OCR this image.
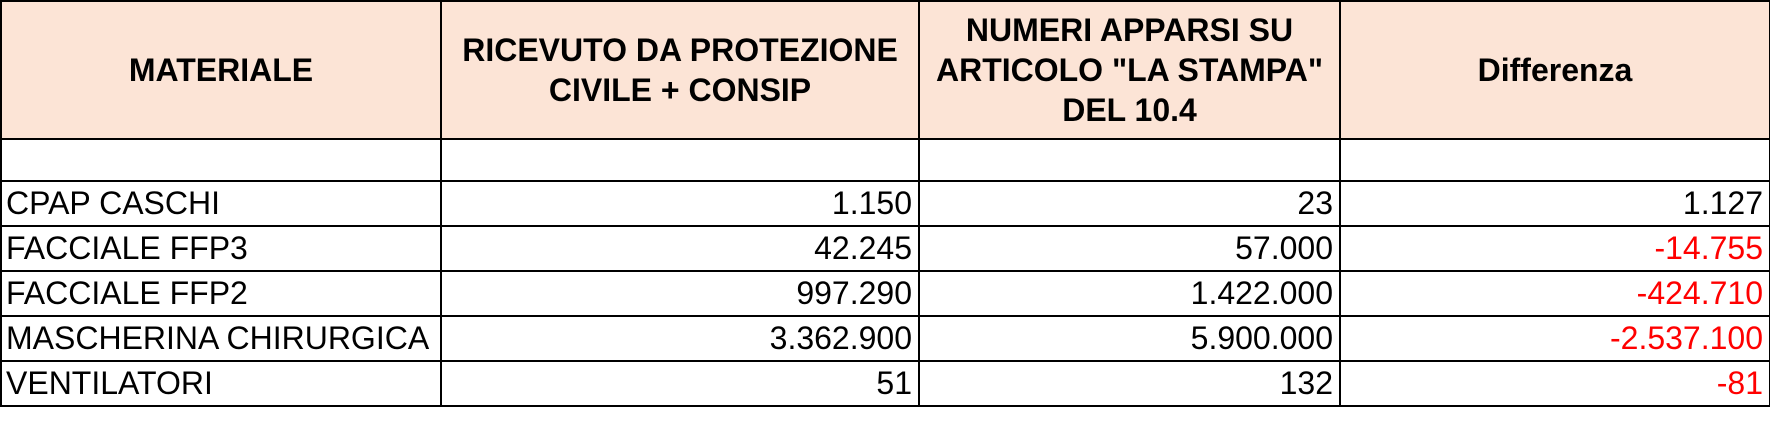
MATERIALE	RICEVUTO DA PROTEZIONE CIVILE + CONSIP	NUMERI APPARSI SU ARTICOLO "LA STAMPA" DEL 10.4	Differenza

CPAP CASCHI	1.150	23	1.127
FACCIALE FFP3	42.245	57.000	-14.755
FACCIALE FFP2	997.290	1.422.000	-424.710
MASCHERINA CHIRURGICA	3.362.900	5.900.000	-2.537.100
VENTILATORI	51	132	-81
